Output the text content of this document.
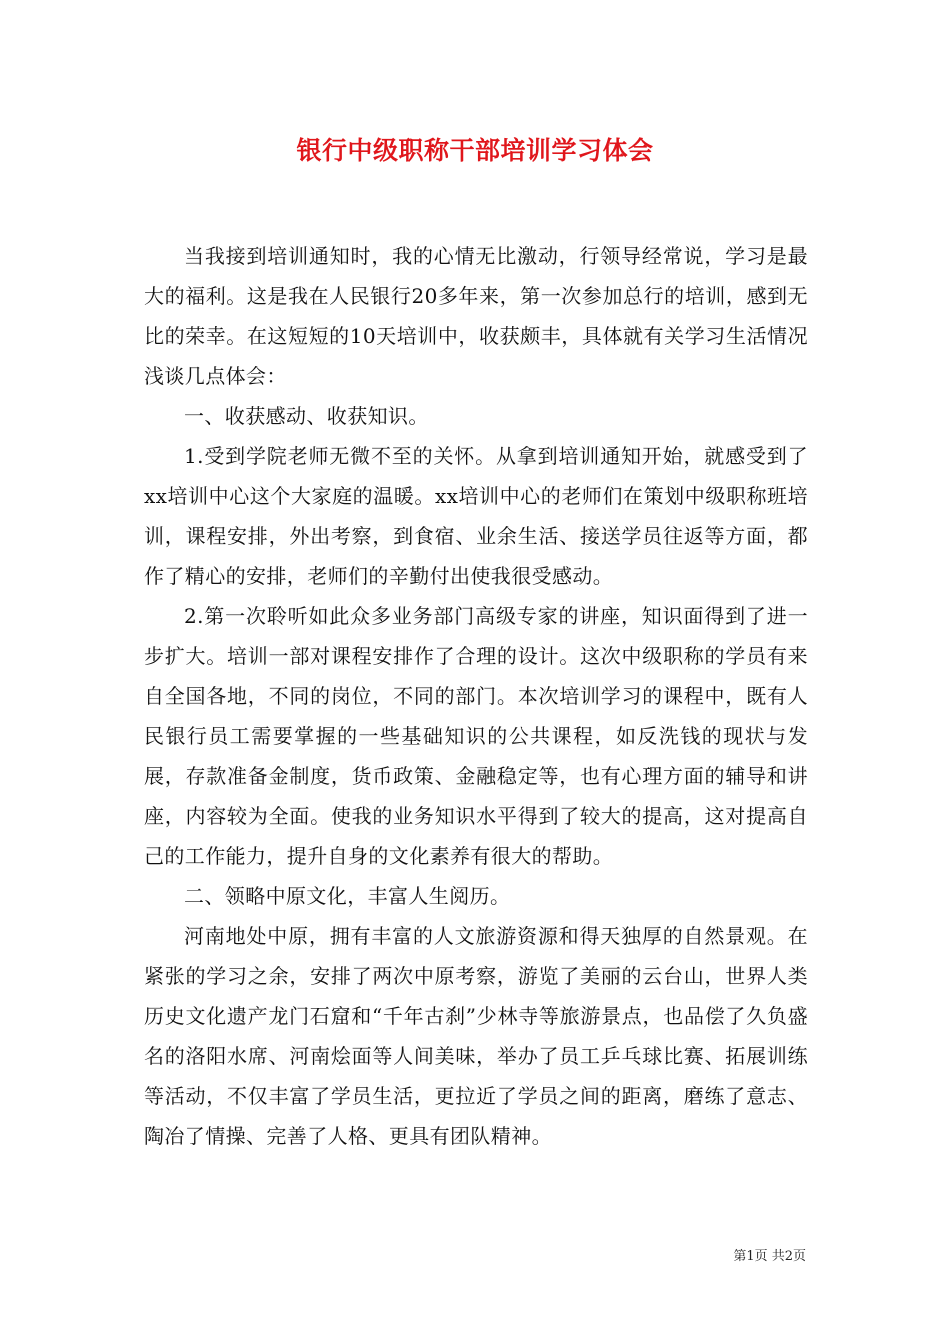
银行中级职称干部培训学习体会

当我接到培训通知时，我的心情无比激动，行领导经常说，学习是最大的福利。这是我在人民银行20多年来，第一次参加总行的培训，感到无比的荣幸。在这短短的10天培训中，收获颇丰，具体就有关学习生活情况浅谈几点体会：

一、收获感动、收获知识。

1.受到学院老师无微不至的关怀。从拿到培训通知开始，就感受到了xx培训中心这个大家庭的温暖。xx培训中心的老师们在策划中级职称班培训，课程安排，外出考察，到食宿、业余生活、接送学员往返等方面，都作了精心的安排，老师们的辛勤付出使我很受感动。

2.第一次聆听如此众多业务部门高级专家的讲座，知识面得到了进一步扩大。培训一部对课程安排作了合理的设计。这次中级职称的学员有来自全国各地，不同的岗位，不同的部门。本次培训学习的课程中，既有人民银行员工需要掌握的一些基础知识的公共课程，如反洗钱的现状与发展，存款准备金制度，货币政策、金融稳定等，也有心理方面的辅导和讲座，内容较为全面。使我的业务知识水平得到了较大的提高，这对提高自己的工作能力，提升自身的文化素养有很大的帮助。

二、领略中原文化，丰富人生阅历。

河南地处中原，拥有丰富的人文旅游资源和得天独厚的自然景观。在紧张的学习之余，安排了两次中原考察，游览了美丽的云台山，世界人类历史文化遗产龙门石窟和“千年古刹”少林寺等旅游景点，也品偿了久负盛名的洛阳水席、河南烩面等人间美味，举办了员工乒乓球比赛、拓展训练等活动，不仅丰富了学员生活，更拉近了学员之间的距离，磨练了意志、陶冶了情操、完善了人格、更具有团队精神。

第1页 共2页
